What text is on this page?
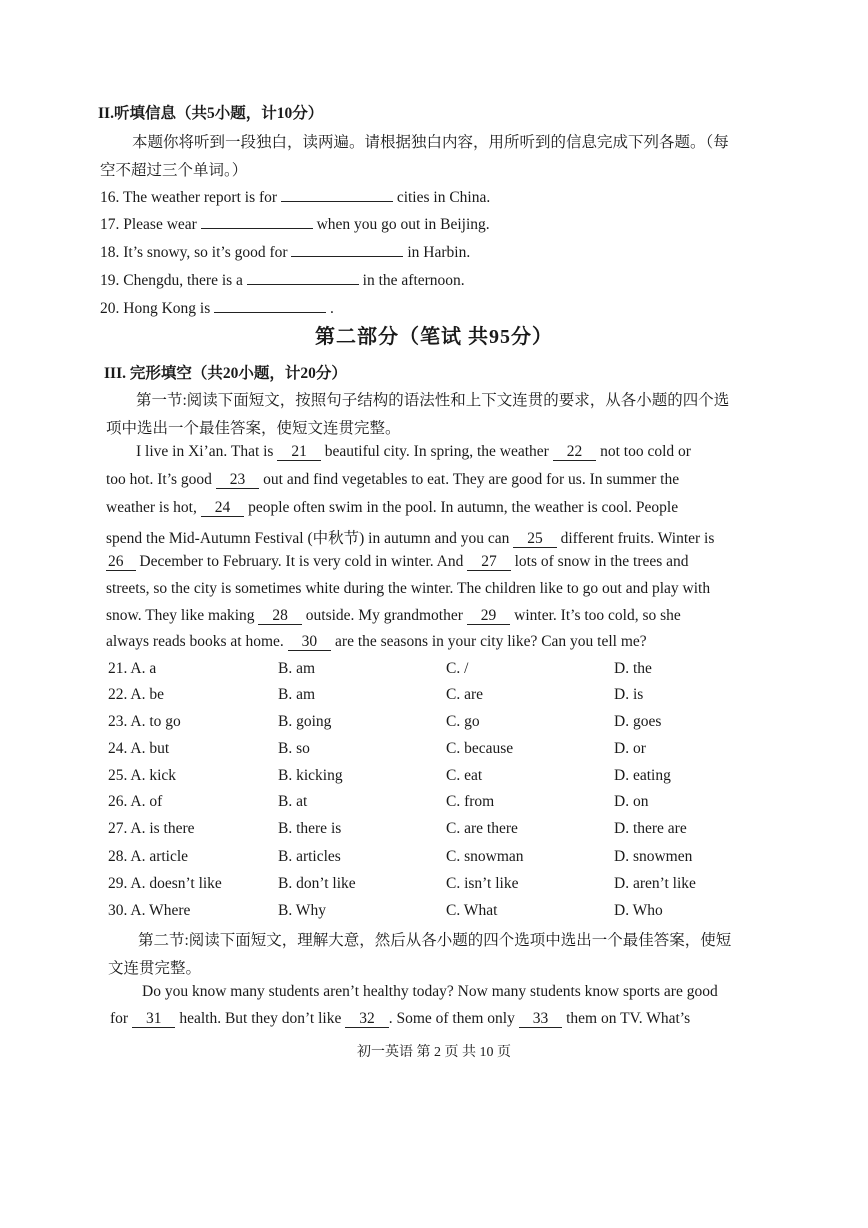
II.听填信息（共5小题，计10分）
本题你将听到一段独白，读两遍。请根据独白内容，用所听到的信息完成下列各题。（每
空不超过三个单词。）
16. The weather report is for	cities in China.
17. Please wear	when you go out in Beijing.
18. It’s snowy, so it’s good for	in Harbin.
19. Chengdu, there is a	in the afternoon.
20. Hong Kong is	.
第二部分（笔试 共95分）
III. 完形填空（共20小题，计20分）
第一节:阅读下面短文，按照句子结构的语法性和上下文连贯的要求，从各小题的四个选
项中选出一个最佳答案，使短文连贯完整。
I live in Xi’an. That is 21 beautiful city. In spring, the weather 22 not too cold or
too hot. It’s good 23 out and find vegetables to eat. They are good for us. In summer the
weather is hot, 24 people often swim in the pool. In autumn, the weather is cool. People
spend the Mid-Autumn Festival (中秋节) in autumn and you can 25 different fruits. Winter is
26 December to February. It is very cold in winter. And 27 lots of snow in the trees and
streets, so the city is sometimes white during the winter. The children like to go out and play with
snow. They like making 28 outside. My grandmother 29 winter. It’s too cold, so she
always reads books at home. 30 are the seasons in your city like? Can you tell me?
21. A. a	B. am	C. /	D. the
22. A. be	B. am	C. are	D. is
23. A. to go	B. going	C. go	D. goes
24. A. but	B. so	C. because	D. or
25. A. kick	B. kicking	C. eat	D. eating
26. A. of	B. at	C. from	D. on
27. A. is there	B. there is	C. are there	D. there are
28. A. article	B. articles	C. snowman	D. snowmen
29. A. doesn’t like	B. don’t like	C. isn’t like	D. aren’t like
30. A. Where	B. Why	C. What	D. Who
第二节:阅读下面短文，理解大意，然后从各小题的四个选项中选出一个最佳答案，使短
文连贯完整。
Do you know many students aren’t healthy today? Now many students know sports are good
for 31 health. But they don’t like 32 . Some of them only 33 them on TV. What’s
初一英语 第 2 页 共 10 页
